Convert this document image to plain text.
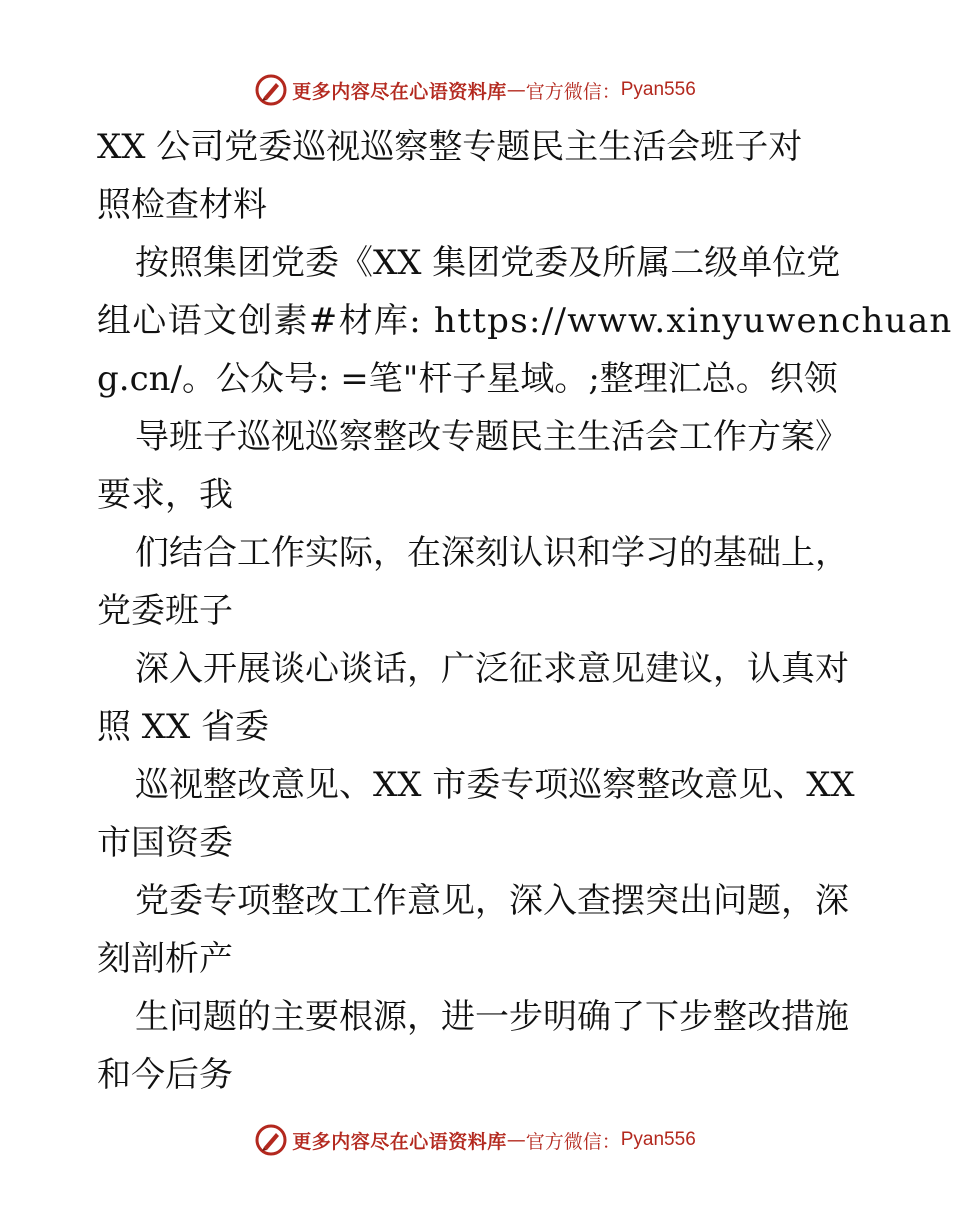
更多内容尽在心语资料库 — 官方微信： Pyan556
XX 公司党委巡视巡察整专题民主生活会班子对
照检查材料
按照集团党委《XX 集团党委及所属二级单位党
组心语文创素#材库: https://www.xinyuwenchuan
g.cn/。公众号: =笔"杆子星域。;整理汇总。织领
导班子巡视巡察整改专题民主生活会工作方案》
要求，我
们结合工作实际，在深刻认识和学习的基础上，
党委班子
深入开展谈心谈话，广泛征求意见建议，认真对
照 XX 省委
巡视整改意见、XX 市委专项巡察整改意见、XX
市国资委
党委专项整改工作意见，深入查摆突出问题，深
刻剖析产
生问题的主要根源，进一步明确了下步整改措施
和今后务
更多内容尽在心语资料库 — 官方微信： Pyan556
